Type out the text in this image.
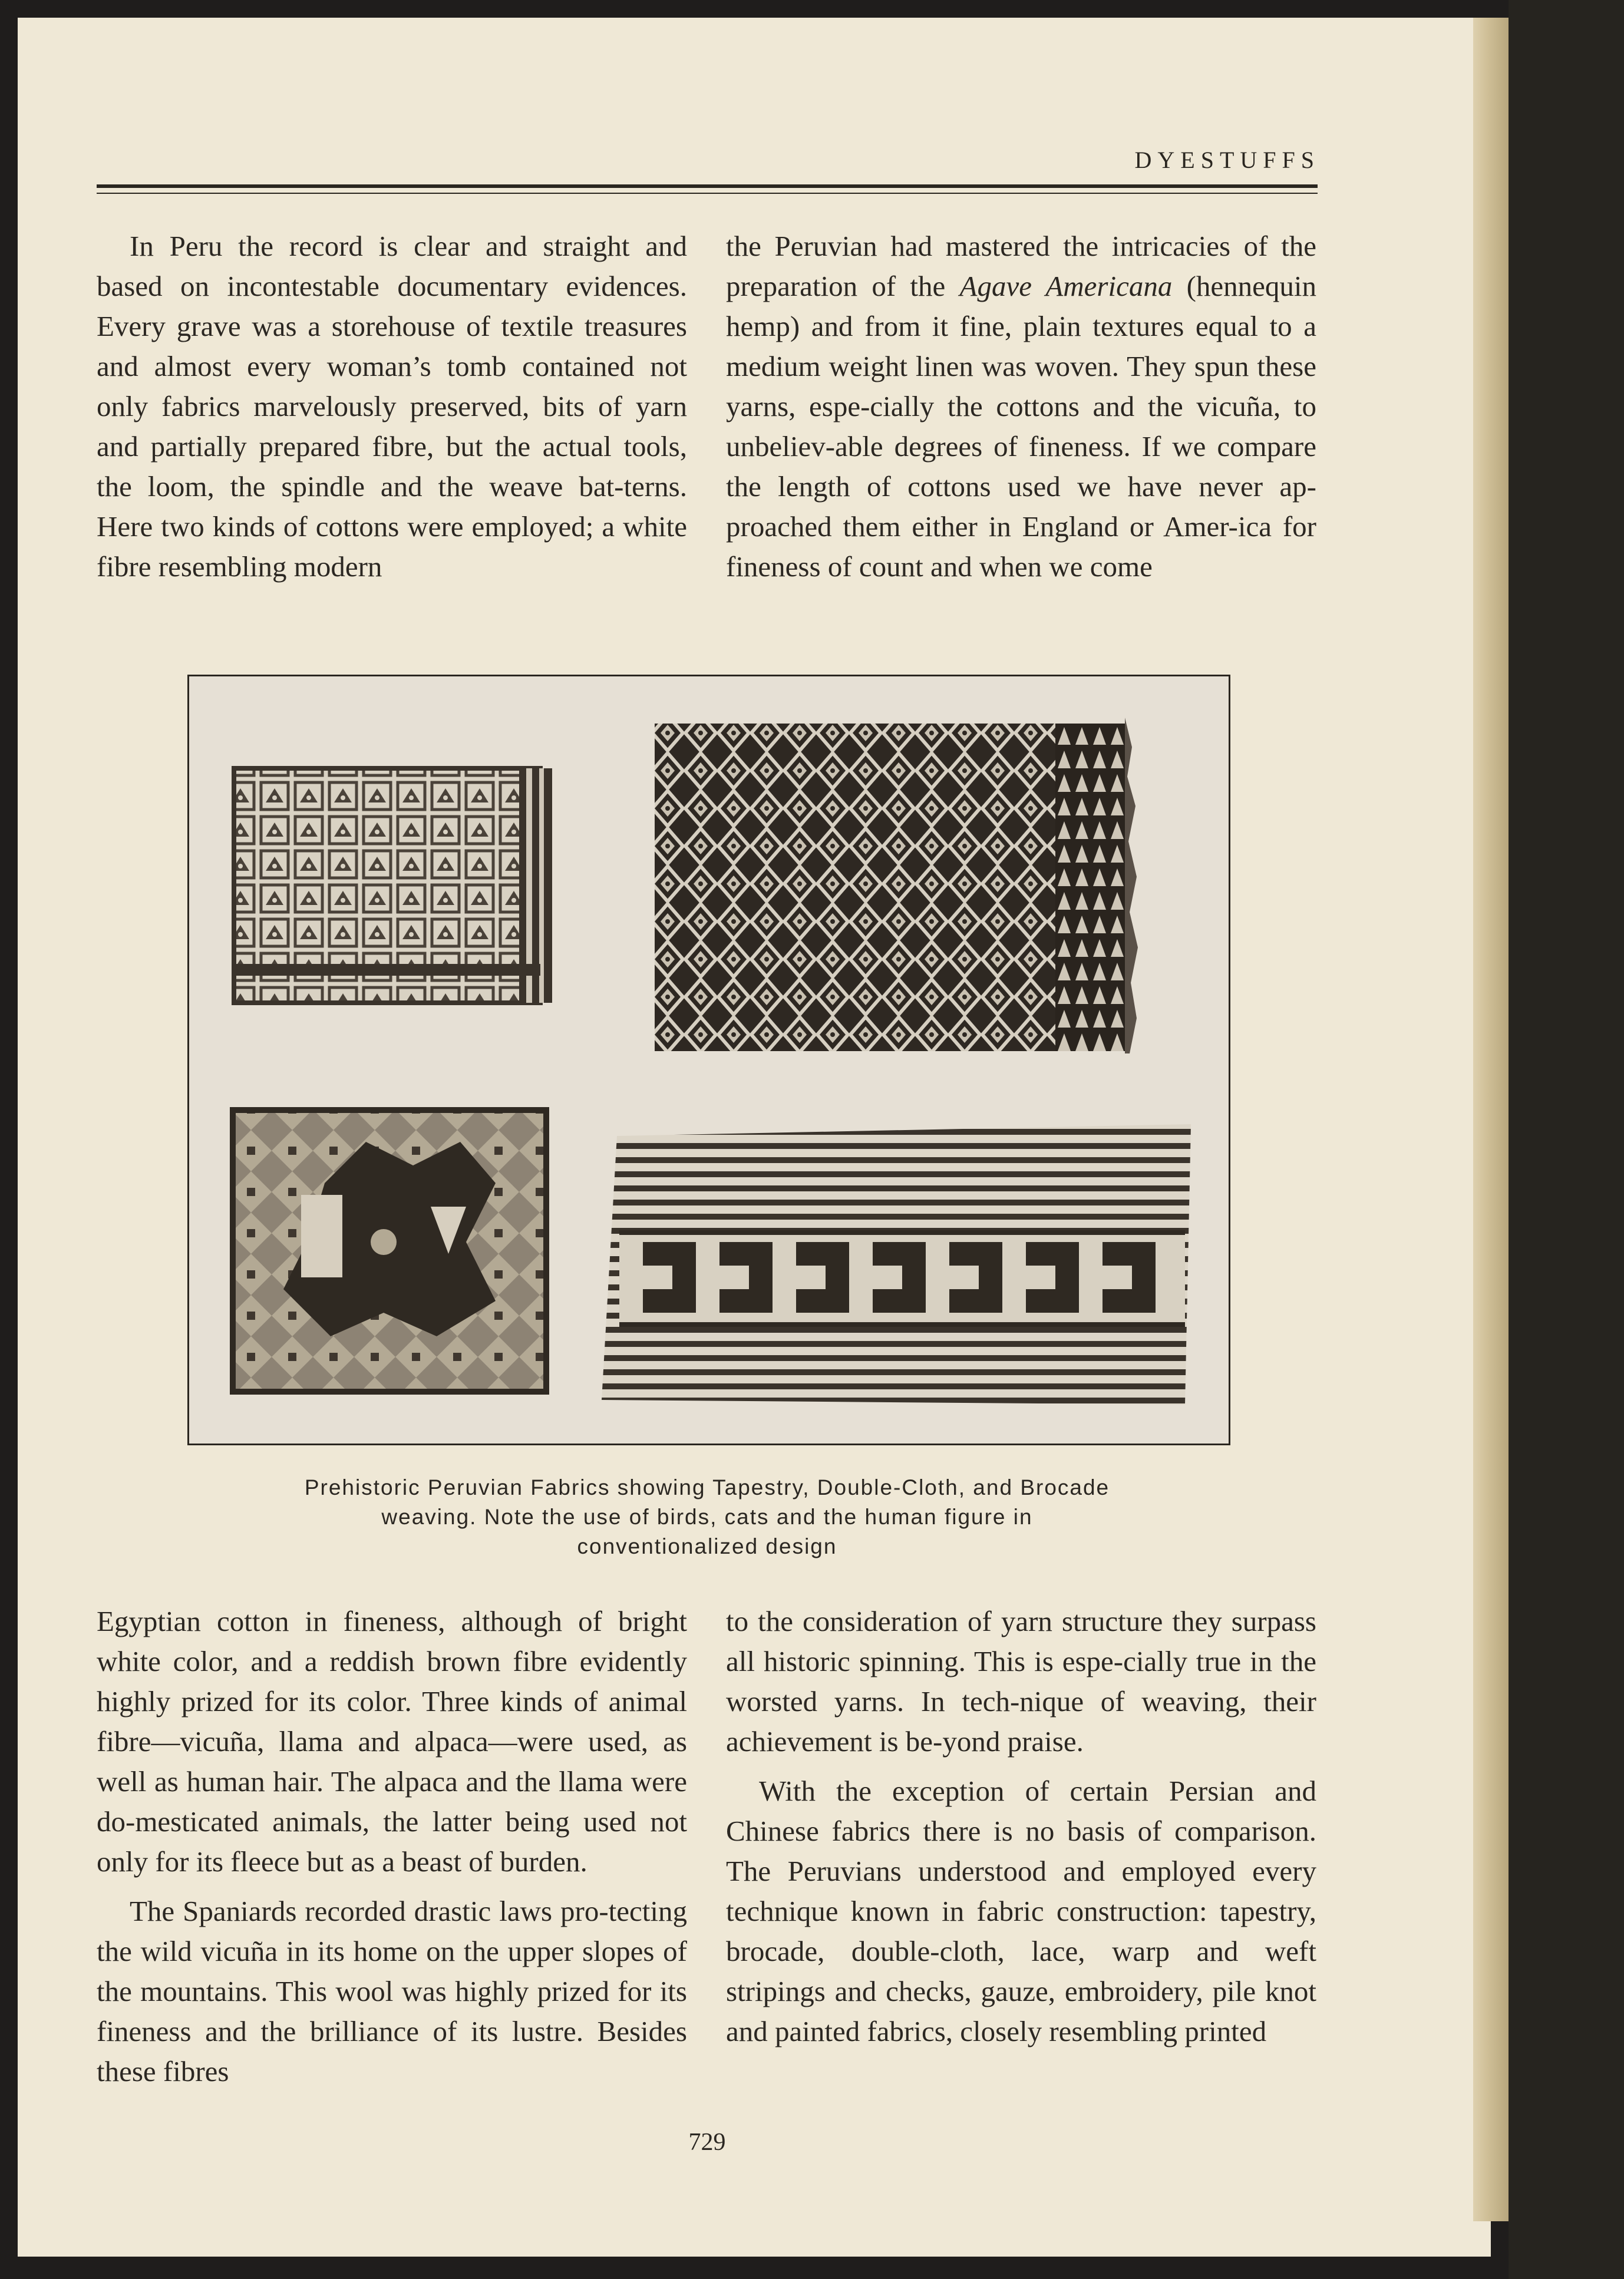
DYESTUFFS

In Peru the record is clear and straight and based on incontestable documentary evidences. Every grave was a storehouse of textile treasures and almost every woman’s tomb contained not only fabrics marvelously preserved, bits of yarn and partially prepared fibre, but the actual tools, the loom, the spindle and the weave bat-terns. Here two kinds of cottons were employed; a white fibre resembling modern

the Peruvian had mastered the intricacies of the preparation of the Agave Americana (hennequin hemp) and from it fine, plain textures equal to a medium weight linen was woven. They spun these yarns, espe-cially the cottons and the vicuña, to unbeliev-able degrees of fineness. If we compare the length of cottons used we have never ap-proached them either in England or Amer-ica for fineness of count and when we come

Prehistoric Peruvian Fabrics showing Tapestry, Double-Cloth, and Brocade
weaving. Note the use of birds, cats and the human figure in
conventionalized design

Egyptian cotton in fineness, although of bright white color, and a reddish brown fibre evidently highly prized for its color. Three kinds of animal fibre—vicuña, llama and alpaca—were used, as well as human hair. The alpaca and the llama were do-mesticated animals, the latter being used not only for its fleece but as a beast of burden.

The Spaniards recorded drastic laws pro-tecting the wild vicuña in its home on the upper slopes of the mountains. This wool was highly prized for its fineness and the brilliance of its lustre. Besides these fibres

to the consideration of yarn structure they surpass all historic spinning. This is espe-cially true in the worsted yarns. In tech-nique of weaving, their achievement is be-yond praise.

With the exception of certain Persian and Chinese fabrics there is no basis of comparison. The Peruvians understood and employed every technique known in fabric construction: tapestry, brocade, double-cloth, lace, warp and weft stripings and checks, gauze, embroidery, pile knot and painted fabrics, closely resembling printed

729
